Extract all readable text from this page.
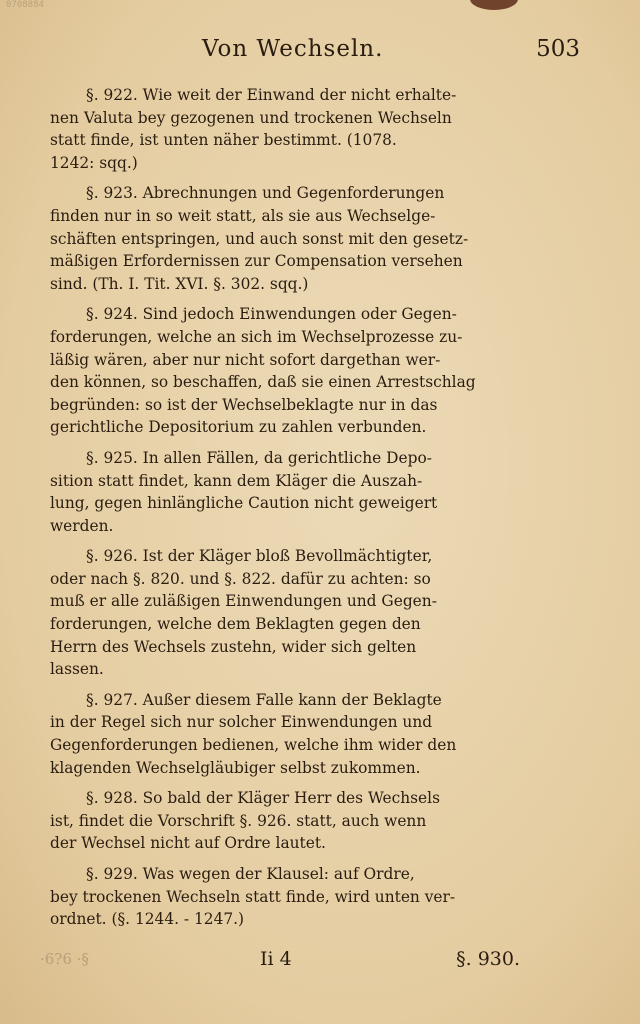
0708884
Von Wechseln.	503
§. 922. Wie weit der Einwand der nicht erhalte-
nen Valuta bey gezogenen und trockenen Wechseln
statt finde, ist unten näher bestimmt. (1078.
1242: sqq.)
§. 923. Abrechnungen und Gegenforderungen
finden nur in so weit statt, als sie aus Wechselge-
schäften entspringen, und auch sonst mit den gesetz-
mäßigen Erfordernissen zur Compensation versehen
sind. (Th. I. Tit. XVI. §. 302. sqq.)
§. 924. Sind jedoch Einwendungen oder Gegen-
forderungen, welche an sich im Wechselprozesse zu-
läßig wären, aber nur nicht sofort dargethan wer-
den können, so beschaffen, daß sie einen Arrestschlag
begründen: so ist der Wechselbeklagte nur in das
gerichtliche Depositorium zu zahlen verbunden.
§. 925. In allen Fällen, da gerichtliche Depo-
sition statt findet, kann dem Kläger die Auszah-
lung, gegen hinlängliche Caution nicht geweigert
werden.
§. 926. Ist der Kläger bloß Bevollmächtigter,
oder nach §. 820. und §. 822. dafür zu achten: so
muß er alle zuläßigen Einwendungen und Gegen-
forderungen, welche dem Beklagten gegen den
Herrn des Wechsels zustehn, wider sich gelten
lassen.
§. 927. Außer diesem Falle kann der Beklagte
in der Regel sich nur solcher Einwendungen und
Gegenforderungen bedienen, welche ihm wider den
klagenden Wechselgläubiger selbst zukommen.
§. 928. So bald der Kläger Herr des Wechsels
ist, findet die Vorschrift §. 926. statt, auch wenn
der Wechsel nicht auf Ordre lautet.
§. 929. Was wegen der Klausel: auf Ordre,
bey trockenen Wechseln statt finde, wird unten ver-
ordnet. (§. 1244. - 1247.)
·6?6 ·§	Ii 4	§. 930.
